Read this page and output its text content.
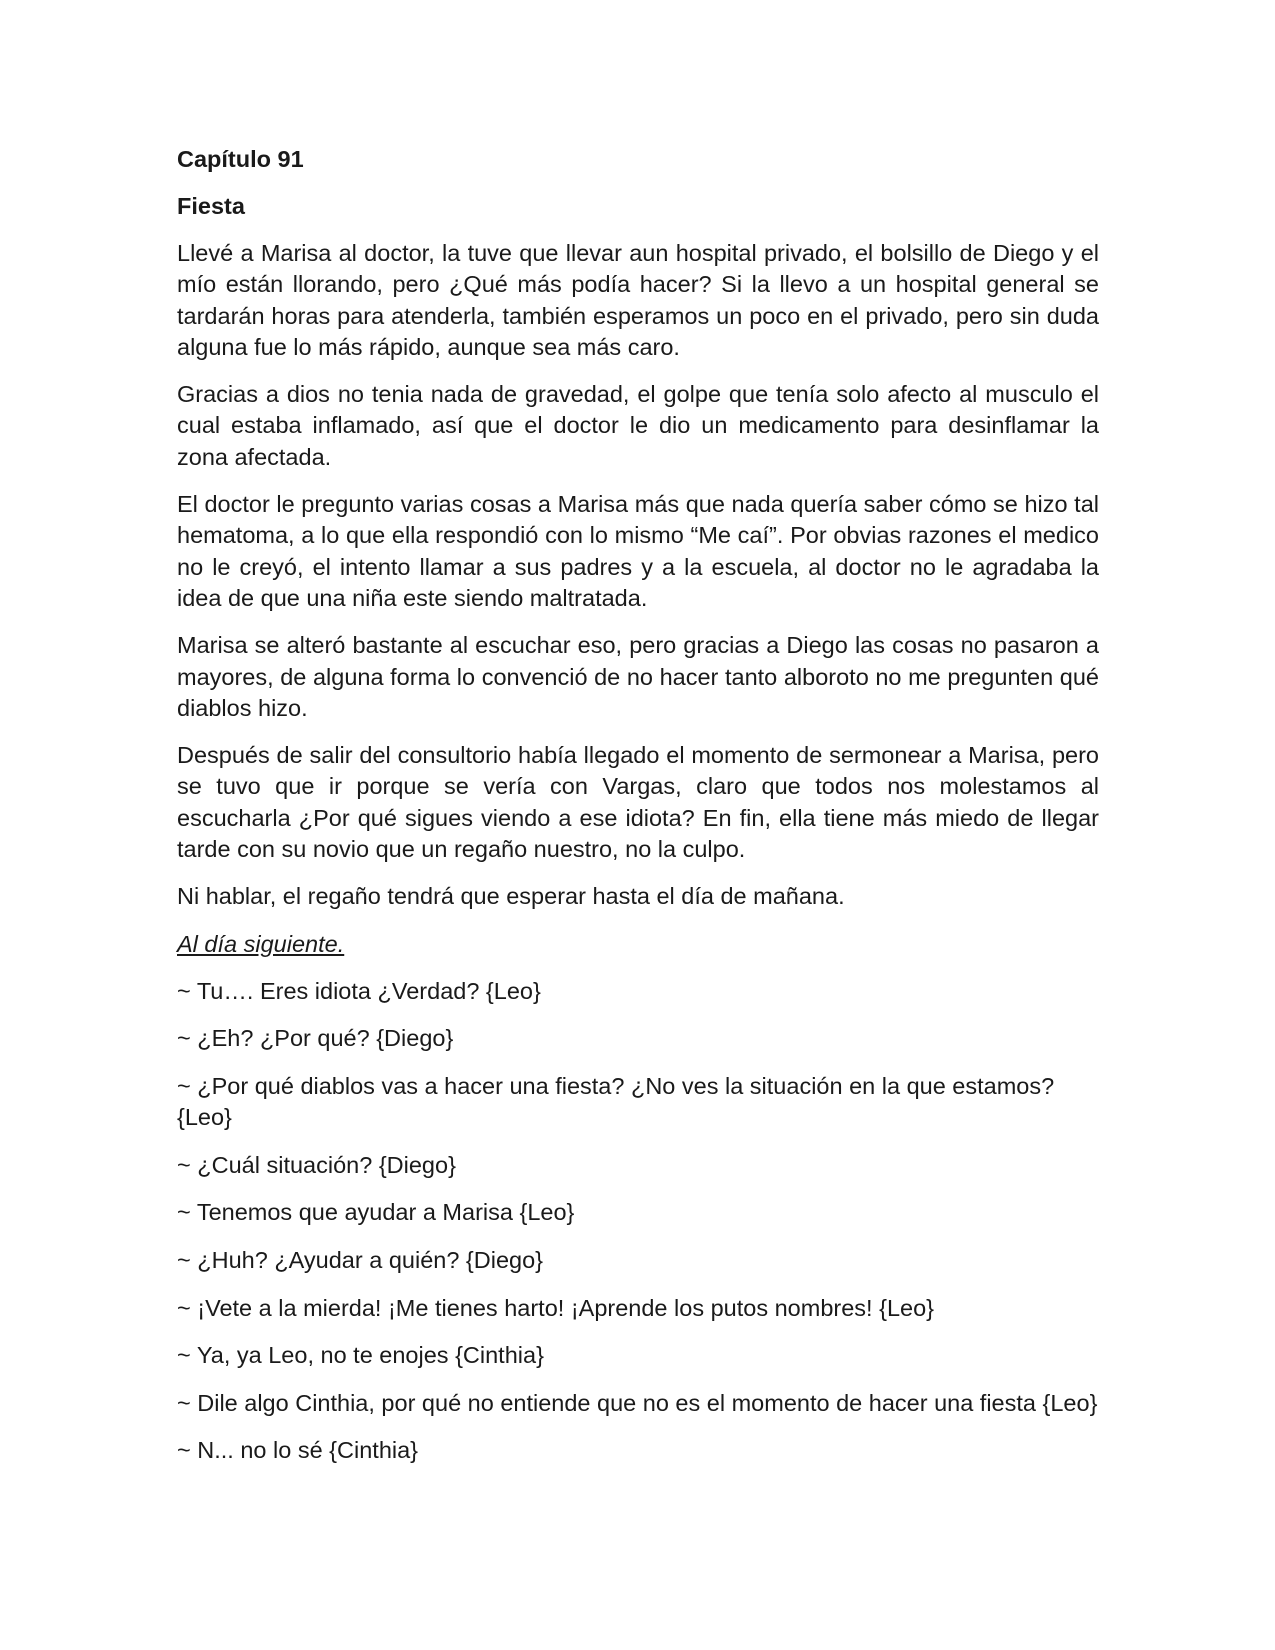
Capítulo 91
Fiesta

Llevé a Marisa al doctor, la tuve que llevar aun hospital privado, el bolsillo de Diego y el mío están llorando, pero ¿Qué más podía hacer? Si la llevo a un hospital general se tardarán horas para atenderla, también esperamos un poco en el privado, pero sin duda alguna fue lo más rápido, aunque sea más caro.

Gracias a dios no tenia nada de gravedad, el golpe que tenía solo afecto al musculo el cual estaba inflamado, así que el doctor le dio un medicamento para desinflamar la zona afectada.

El doctor le pregunto varias cosas a Marisa más que nada quería saber cómo se hizo tal hematoma, a lo que ella respondió con lo mismo “Me caí”. Por obvias razones el medico no le creyó, el intento llamar a sus padres y a la escuela, al doctor no le agradaba la idea de que una niña este siendo maltratada.

Marisa se alteró bastante al escuchar eso, pero gracias a Diego las cosas no pasaron a mayores, de alguna forma lo convenció de no hacer tanto alboroto no me pregunten qué diablos hizo.

Después de salir del consultorio había llegado el momento de sermonear a Marisa, pero se tuvo que ir porque se vería con Vargas, claro que todos nos molestamos al escucharla ¿Por qué sigues viendo a ese idiota? En fin, ella tiene más miedo de llegar tarde con su novio que un regaño nuestro, no la culpo.

Ni hablar, el regaño tendrá que esperar hasta el día de mañana.

Al día siguiente.

~ Tu…. Eres idiota ¿Verdad? {Leo}

~ ¿Eh? ¿Por qué? {Diego}

~ ¿Por qué diablos vas a hacer una fiesta? ¿No ves la situación en la que estamos? {Leo}

~ ¿Cuál situación? {Diego}

~ Tenemos que ayudar a Marisa {Leo}

~ ¿Huh? ¿Ayudar a quién? {Diego}

~ ¡Vete a la mierda! ¡Me tienes harto! ¡Aprende los putos nombres! {Leo}

~ Ya, ya Leo, no te enojes {Cinthia}

~ Dile algo Cinthia, por qué no entiende que no es el momento de hacer una fiesta {Leo}

~ N... no lo sé {Cinthia}
